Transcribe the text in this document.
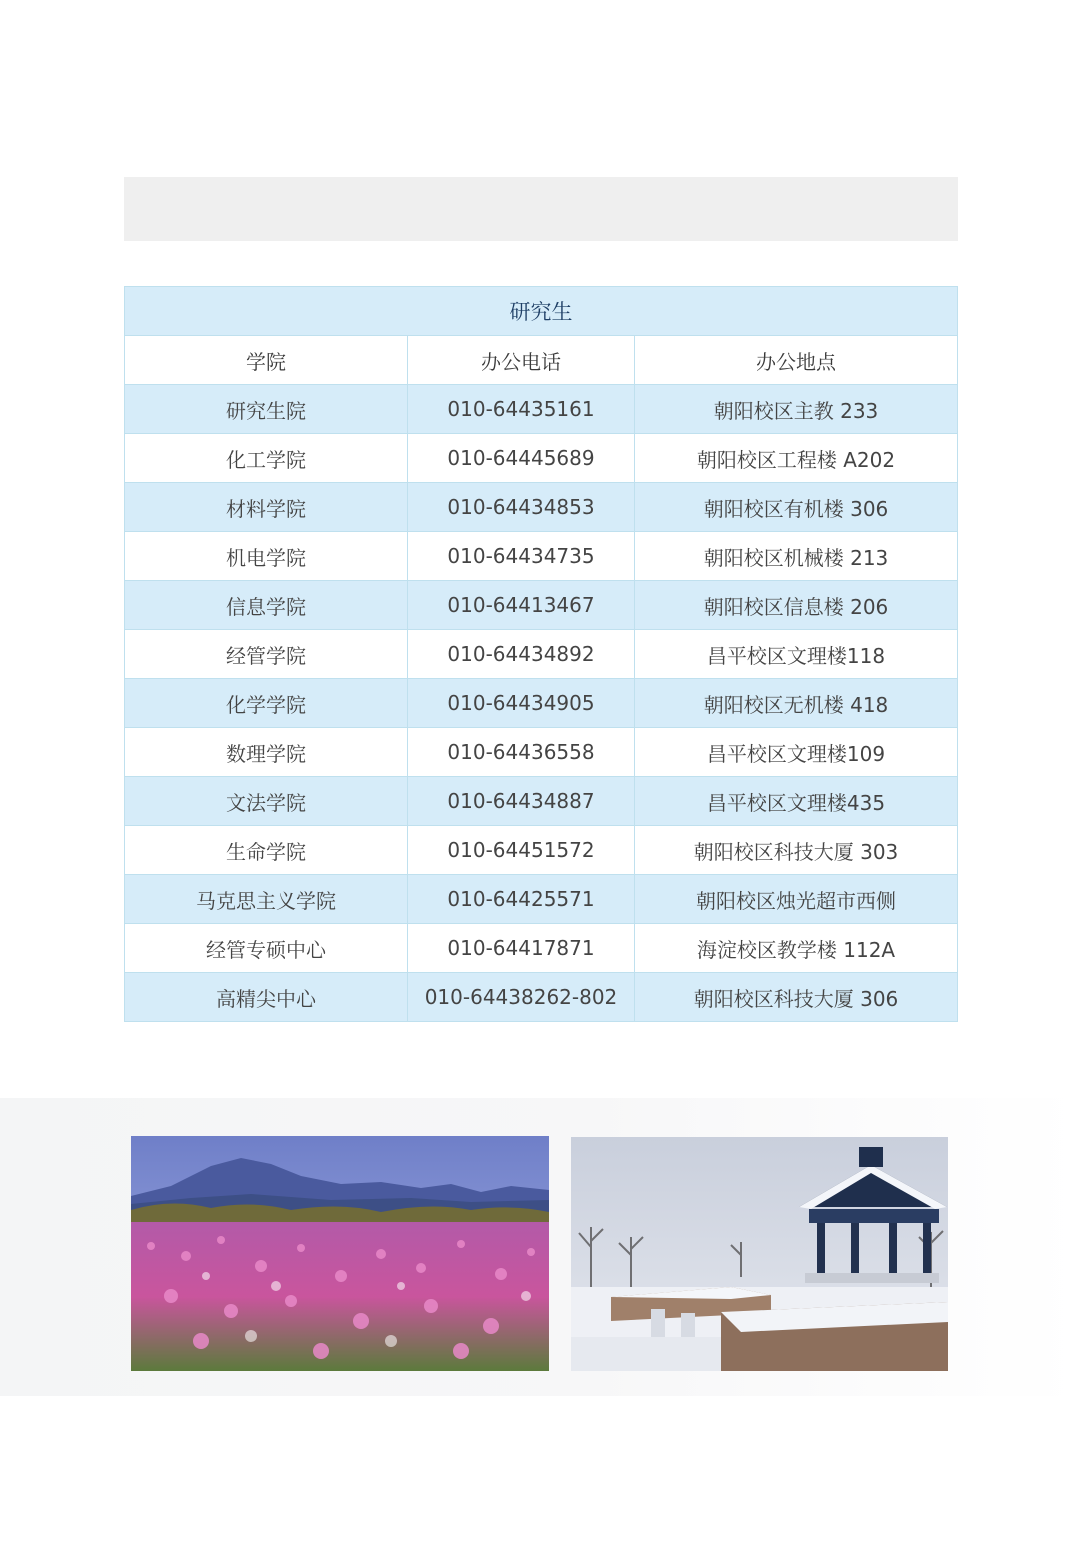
研究生		
学院	办公电话	办公地点
研究生院	010-64435161	朝阳校区主教 233
化工学院	010-64445689	朝阳校区工程楼 A202
材料学院	010-64434853	朝阳校区有机楼 306
机电学院	010-64434735	朝阳校区机械楼 213
信息学院	010-64413467	朝阳校区信息楼 206
经管学院	010-64434892	昌平校区文理楼118
化学学院	010-64434905	朝阳校区无机楼 418
数理学院	010-64436558	昌平校区文理楼109
文法学院	010-64434887	昌平校区文理楼435
生命学院	010-64451572	朝阳校区科技大厦 303
马克思主义学院	010-64425571	朝阳校区烛光超市西侧
经管专硕中心	010-64417871	海淀校区教学楼 112A
高精尖中心	010-64438262-802	朝阳校区科技大厦 306
